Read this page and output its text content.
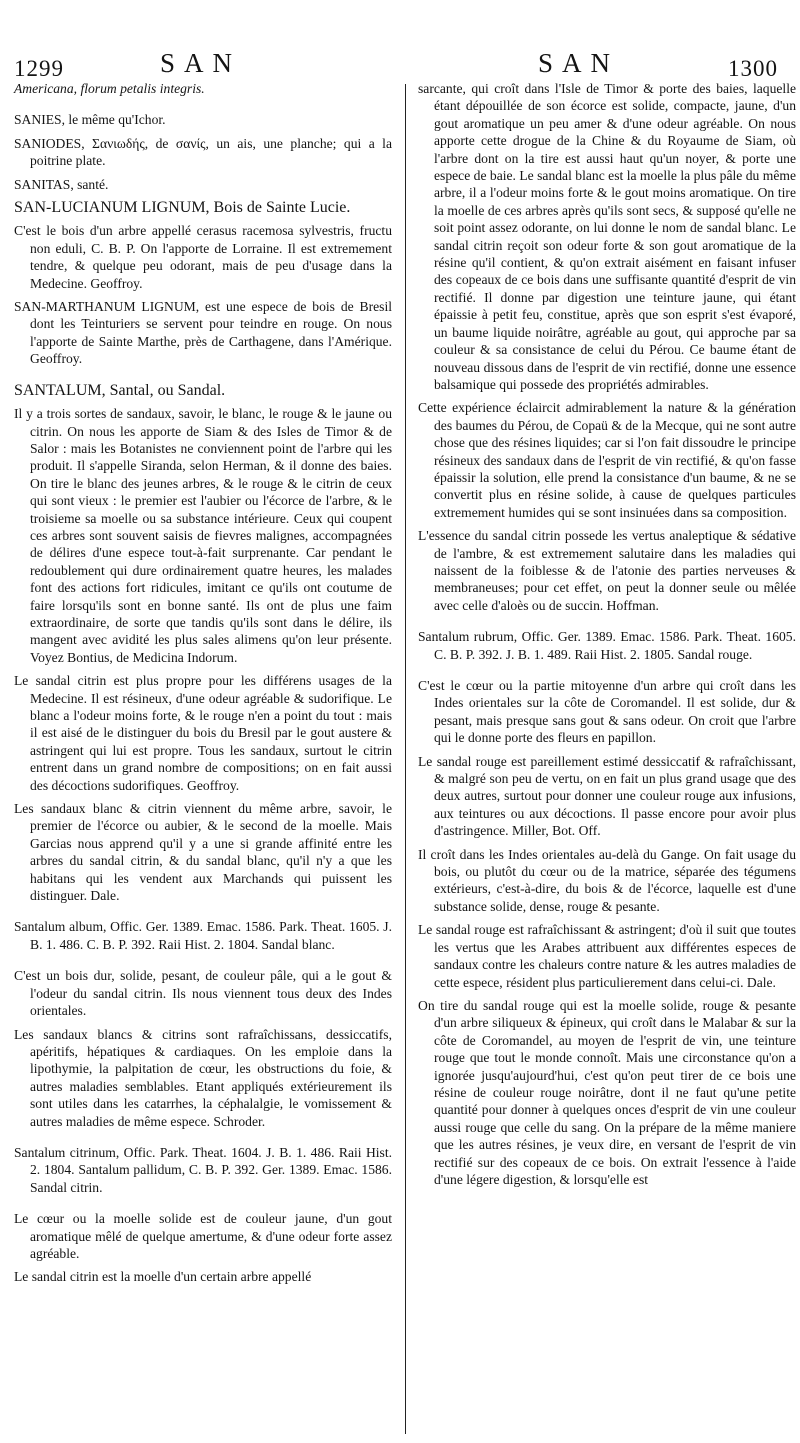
1299	SAN	SAN	1300

Americana, florum petalis integris.

SANIES, le même qu'Ichor.

SANIODES, Σανιωδής, de σανίς, un ais, une planche; qui a la poitrine plate.

SANITAS, santé.

SAN-LUCIANUM LIGNUM, Bois de Sainte Lucie.

C'est le bois d'un arbre appellé cerasus racemosa sylvestris, fructu non eduli, C. B. P. On l'apporte de Lorraine. Il est extremement tendre, & quelque peu odorant, mais de peu d'usage dans la Medecine. Geoffroy.

SAN-MARTHANUM LIGNUM, est une espece de bois de Bresil dont les Teinturiers se servent pour teindre en rouge. On nous l'apporte de Sainte Marthe, près de Carthagene, dans l'Amérique. Geoffroy.

SANTALUM, Santal, ou Sandal.

Il y a trois sortes de sandaux, savoir, le blanc, le rouge & le jaune ou citrin. On nous les apporte de Siam & des Isles de Timor & de Salor : mais les Botanistes ne conviennent point de l'arbre qui les produit. Il s'appelle Siranda, selon Herman, & il donne des baies. On tire le blanc des jeunes arbres, & le rouge & le citrin de ceux qui sont vieux : le premier est l'aubier ou l'écorce de l'arbre, & le troisieme sa moelle ou sa substance intérieure. Ceux qui coupent ces arbres sont souvent saisis de fievres malignes, accompagnées de délires d'une espece tout-à-fait surprenante. Car pendant le redoublement qui dure ordinairement quatre heures, les malades font des actions fort ridicules, imitant ce qu'ils ont coutume de faire lorsqu'ils sont en bonne santé. Ils ont de plus une faim extraordinaire, de sorte que tandis qu'ils sont dans le délire, ils mangent avec avidité les plus sales alimens qu'on leur présente. Voyez Bontius, de Medicina Indorum.

Le sandal citrin est plus propre pour les différens usages de la Medecine. Il est résineux, d'une odeur agréable & sudorifique. Le blanc a l'odeur moins forte, & le rouge n'en a point du tout : mais il est aisé de le distinguer du bois du Bresil par le gout austere & astringent qui lui est propre. Tous les sandaux, surtout le citrin entrent dans un grand nombre de compositions; on en fait aussi des décoctions sudorifiques. Geoffroy.

Les sandaux blanc & citrin viennent du même arbre, savoir, le premier de l'écorce ou aubier, & le second de la moelle. Mais Garcias nous apprend qu'il y a une si grande affinité entre les arbres du sandal citrin, & du sandal blanc, qu'il n'y a que les habitans qui les vendent aux Marchands qui puissent les distinguer. Dale.

Santalum album, Offic. Ger. 1389. Emac. 1586. Park. Theat. 1605. J. B. 1. 486. C. B. P. 392. Raii Hist. 2. 1804. Sandal blanc.

C'est un bois dur, solide, pesant, de couleur pâle, qui a le gout & l'odeur du sandal citrin. Ils nous viennent tous deux des Indes orientales.

Les sandaux blancs & citrins sont rafraîchissans, dessiccatifs, apéritifs, hépatiques & cardiaques. On les emploie dans la lipothymie, la palpitation de cœur, les obstructions du foie, & autres maladies semblables. Etant appliqués extérieurement ils sont utiles dans les catarrhes, la céphalalgie, le vomissement & autres maladies de même espece. Schroder.

Santalum citrinum, Offic. Park. Theat. 1604. J. B. 1. 486. Raii Hist. 2. 1804. Santalum pallidum, C. B. P. 392. Ger. 1389. Emac. 1586. Sandal citrin.

Le cœur ou la moelle solide est de couleur jaune, d'un gout aromatique mêlé de quelque amertume, & d'une odeur forte assez agréable.

Le sandal citrin est la moelle d'un certain arbre appellé

sarcante, qui croît dans l'Isle de Timor & porte des baies, laquelle étant dépouillée de son écorce est solide, compacte, jaune, d'un gout aromatique un peu amer & d'une odeur agréable. On nous apporte cette drogue de la Chine & du Royaume de Siam, où l'arbre dont on la tire est aussi haut qu'un noyer, & porte une espece de baie. Le sandal blanc est la moelle la plus pâle du même arbre, il a l'odeur moins forte & le gout moins aromatique. On tire la moelle de ces arbres après qu'ils sont secs, & supposé qu'elle ne soit point assez odorante, on lui donne le nom de sandal blanc. Le sandal citrin reçoit son odeur forte & son gout aromatique de la résine qu'il contient, & qu'on extrait aisément en faisant infuser des copeaux de ce bois dans une suffisante quantité d'esprit de vin rectifié. Il donne par digestion une teinture jaune, qui étant épaissie à petit feu, constitue, après que son esprit s'est évaporé, un baume liquide noirâtre, agréable au gout, qui approche par sa couleur & sa consistance de celui du Pérou. Ce baume étant de nouveau dissous dans de l'esprit de vin rectifié, donne une essence balsamique qui possede des propriétés admirables.

Cette expérience éclaircit admirablement la nature & la génération des baumes du Pérou, de Copaü & de la Mecque, qui ne sont autre chose que des résines liquides; car si l'on fait dissoudre le principe résineux des sandaux dans de l'esprit de vin rectifié, & qu'on fasse épaissir la solution, elle prend la consistance d'un baume, & ne se convertit plus en résine solide, à cause de quelques particules extremement humides qui se sont insinuées dans sa composition.

L'essence du sandal citrin possede les vertus analeptique & sédative de l'ambre, & est extremement salutaire dans les maladies qui naissent de la foiblesse & de l'atonie des parties nerveuses & membraneuses; pour cet effet, on peut la donner seule ou mêlée avec celle d'aloès ou de succin. Hoffman.

Santalum rubrum, Offic. Ger. 1389. Emac. 1586. Park. Theat. 1605. C. B. P. 392. J. B. 1. 489. Raii Hist. 2. 1805. Sandal rouge.

C'est le cœur ou la partie mitoyenne d'un arbre qui croît dans les Indes orientales sur la côte de Coromandel. Il est solide, dur & pesant, mais presque sans gout & sans odeur. On croit que l'arbre qui le donne porte des fleurs en papillon.

Le sandal rouge est pareillement estimé dessiccatif & rafraîchissant, & malgré son peu de vertu, on en fait un plus grand usage que des deux autres, surtout pour donner une couleur rouge aux infusions, aux teintures ou aux décoctions. Il passe encore pour avoir plus d'astringence. Miller, Bot. Off.

Il croît dans les Indes orientales au-delà du Gange. On fait usage du bois, ou plutôt du cœur ou de la matrice, séparée des tégumens extérieurs, c'est-à-dire, du bois & de l'écorce, laquelle est d'une substance solide, dense, rouge & pesante.

Le sandal rouge est rafraîchissant & astringent; d'où il suit que toutes les vertus que les Arabes attribuent aux différentes especes de sandaux contre les chaleurs contre nature & les autres maladies de cette espece, résident plus particulierement dans celui-ci. Dale.

On tire du sandal rouge qui est la moelle solide, rouge & pesante d'un arbre siliqueux & épineux, qui croît dans le Malabar & sur la côte de Coromandel, au moyen de l'esprit de vin, une teinture rouge que tout le monde connoît. Mais une circonstance qu'on a ignorée jusqu'aujourd'hui, c'est qu'on peut tirer de ce bois une résine de couleur rouge noirâtre, dont il ne faut qu'une petite quantité pour donner à quelques onces d'esprit de vin une couleur aussi rouge que celle du sang. On la prépare de la même maniere que les autres résines, je veux dire, en versant de l'esprit de vin rectifié sur des copeaux de ce bois. On extrait l'essence à l'aide d'une légere digestion, & lorsqu'elle est
